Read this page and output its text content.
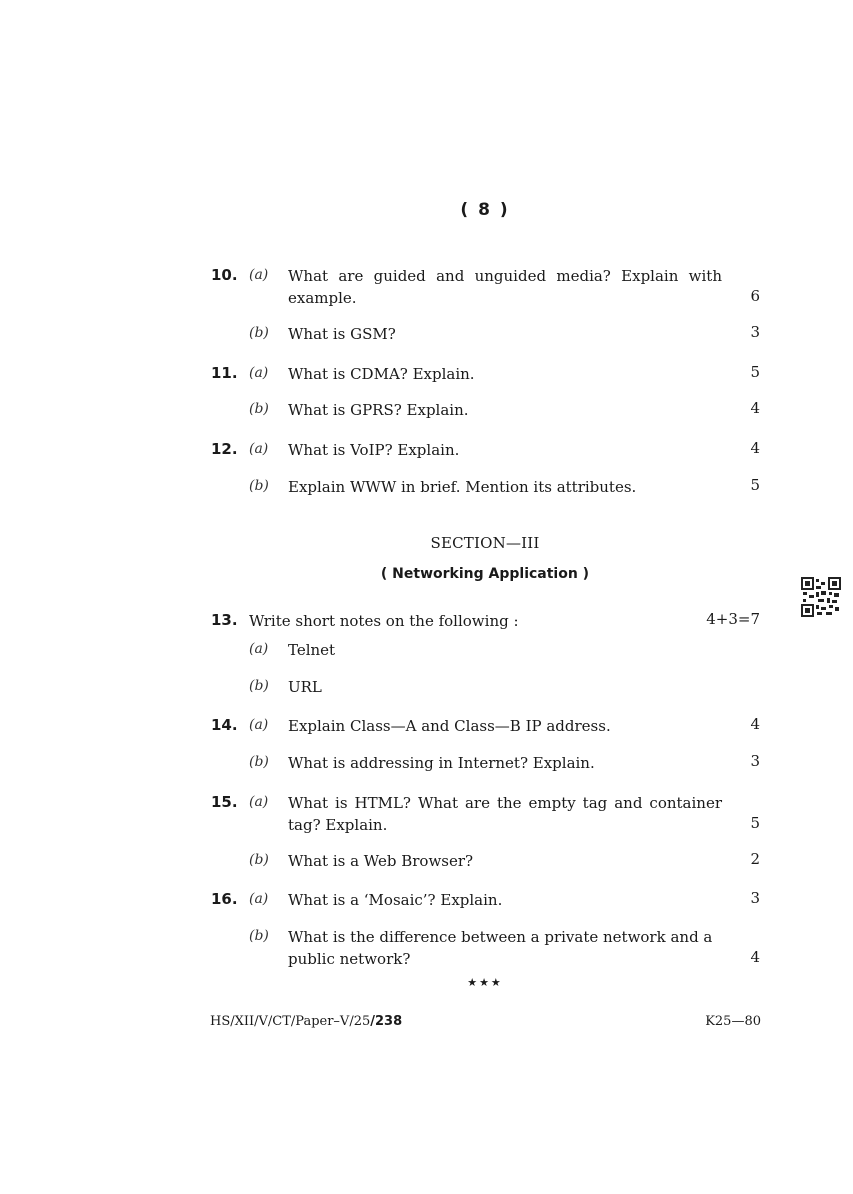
( 8 )
10. (a) What are guided and unguided media? Explain with example.	6
(b) What is GSM?	3
11. (a) What is CDMA? Explain.	5
(b) What is GPRS? Explain.	4
12. (a) What is VoIP? Explain.	4
(b) Explain WWW in brief. Mention its attributes.	5
SECTION—III
( Networking Application )
13. Write short notes on the following :	4+3=7
(a) Telnet
(b) URL
14. (a) Explain Class—A and Class—B IP address.	4
(b) What is addressing in Internet? Explain.	3
15. (a) What is HTML? What are the empty tag and container tag? Explain.	5
(b) What is a Web Browser?	2
16. (a) What is a ‘Mosaic’? Explain.	3
(b) What is the difference between a private network and a public network?	4
★★★
HS/XII/V/CT/Paper–V/25/238	K25—80
